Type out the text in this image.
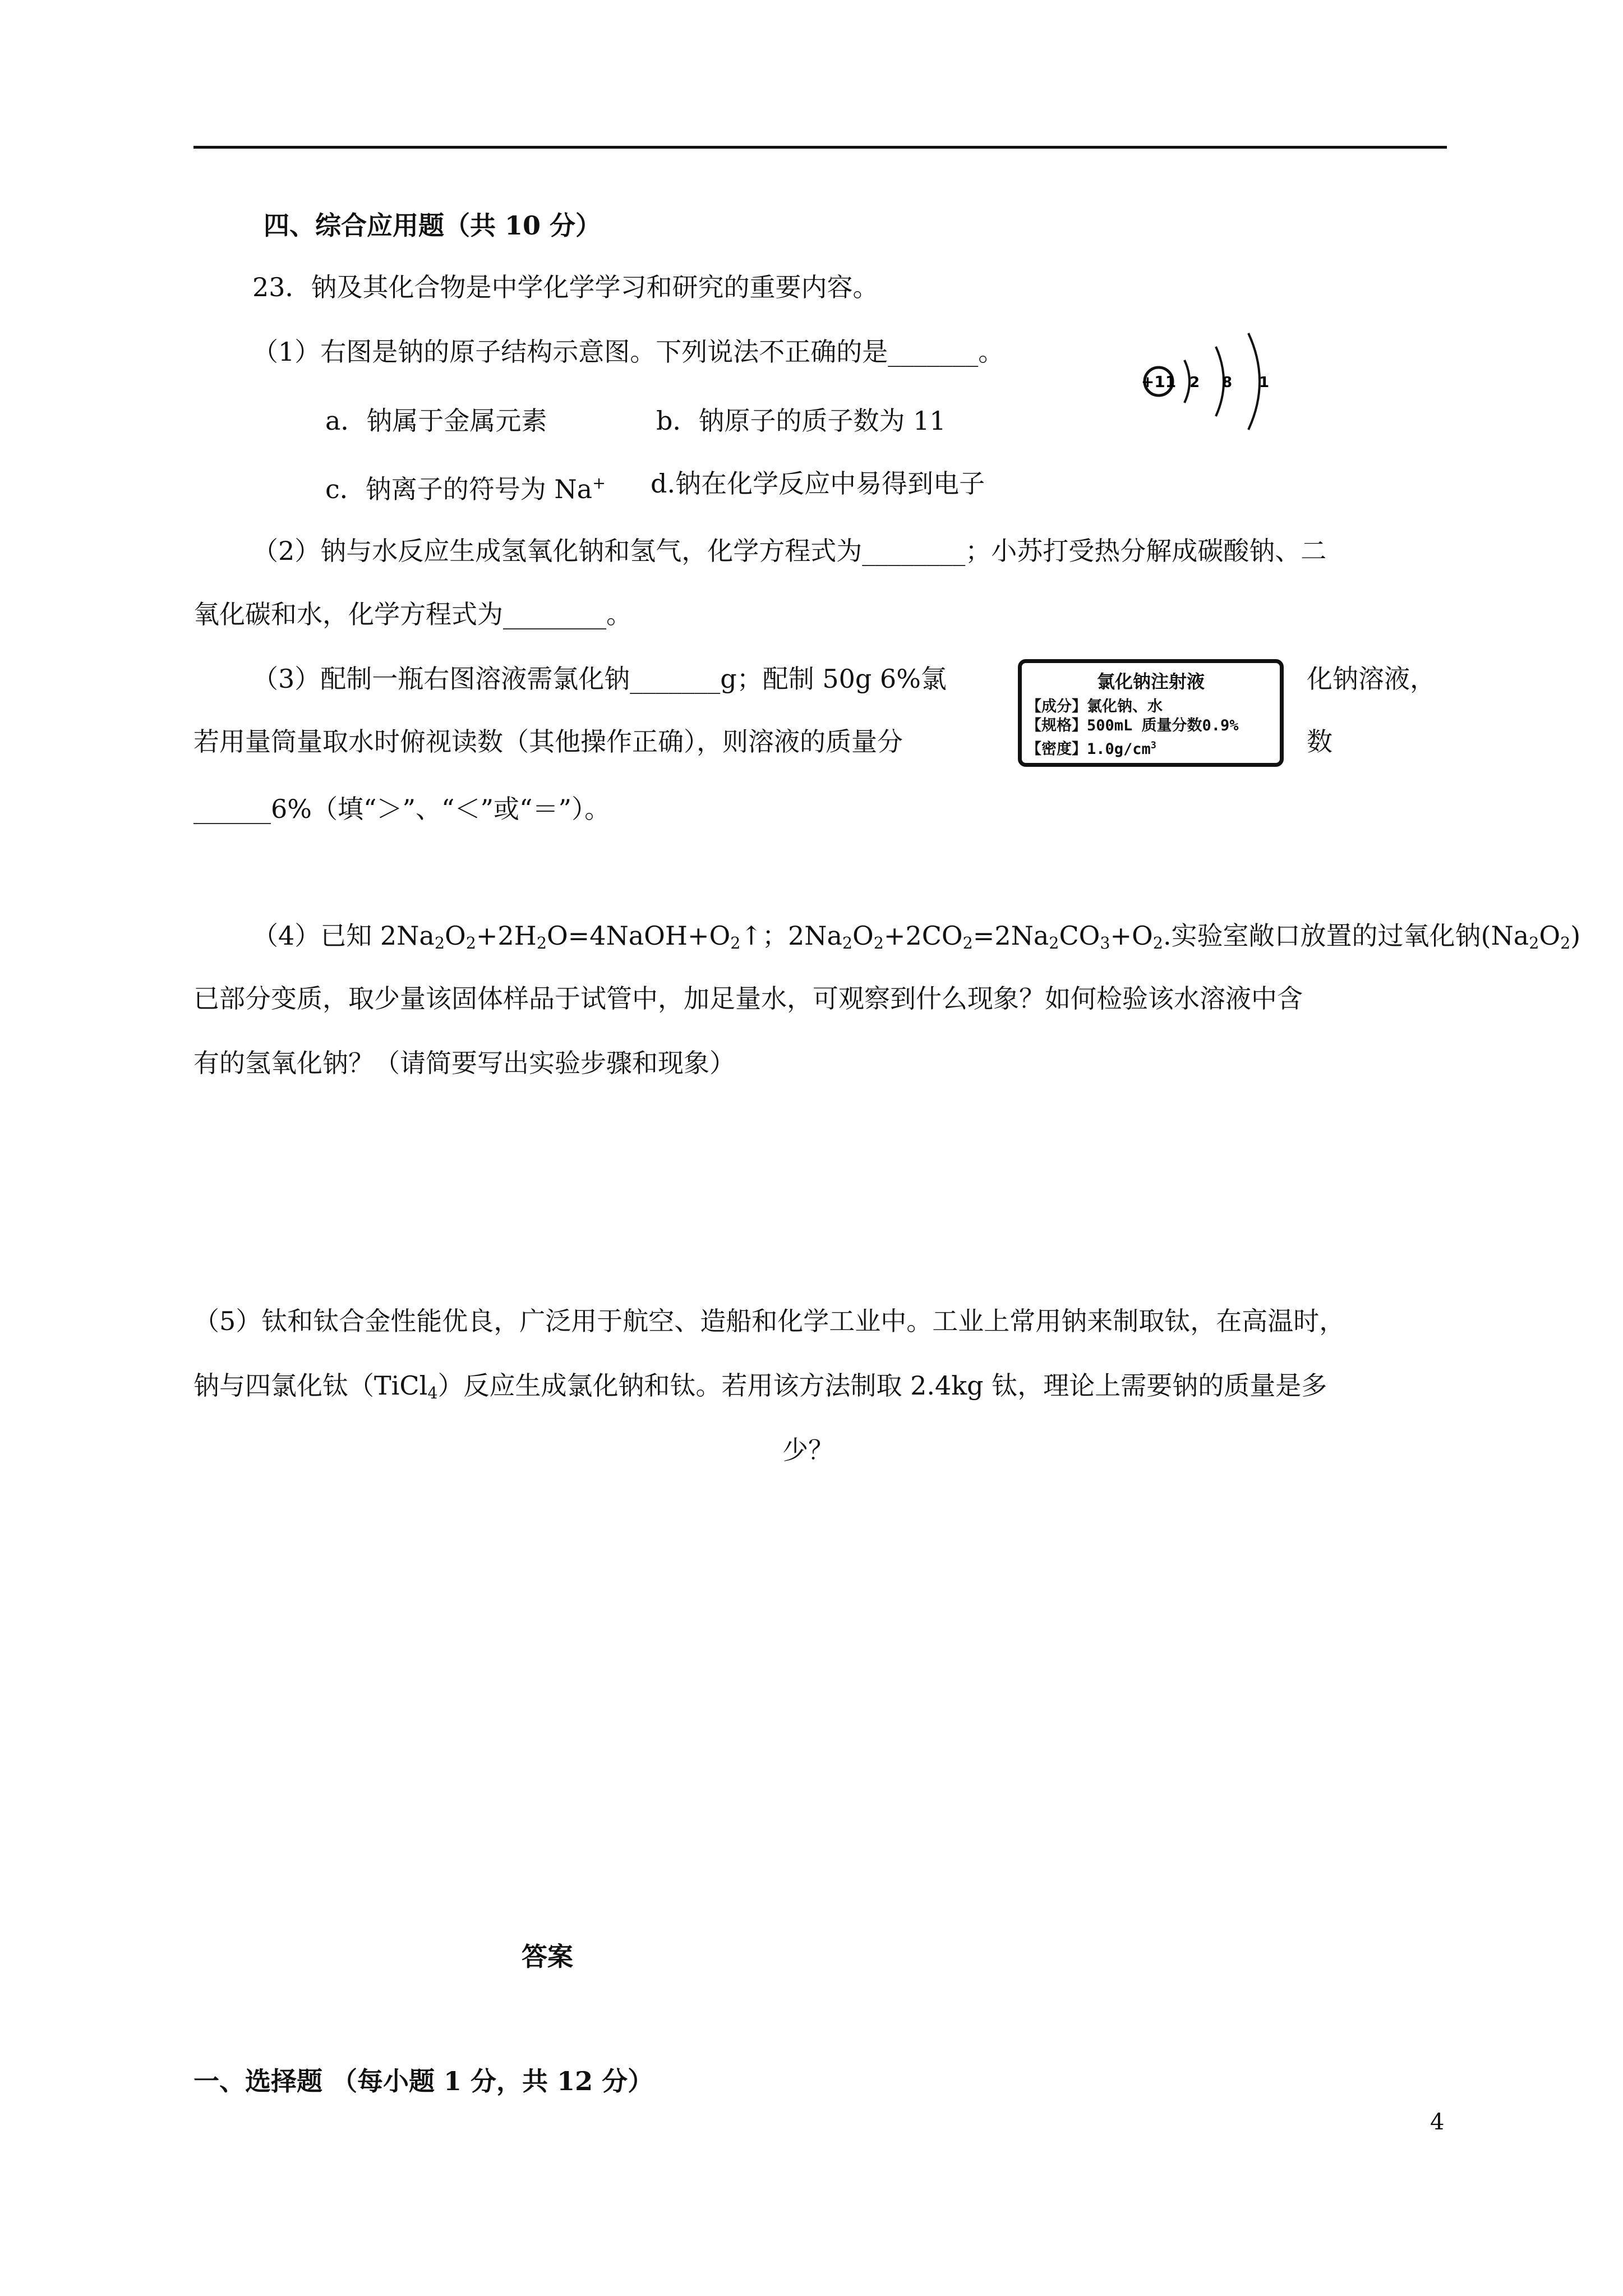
四、综合应用题（共 10 分）
23．钠及其化合物是中学化学学习和研究的重要内容。
（1）右图是钠的原子结构示意图。下列说法不正确的是_______。
+11 2 8 1
a．钠属于金属元素	b．钠原子的质子数为 11
c．钠离子的符号为 Na+ d.钠在化学反应中易得到电子
（2）钠与水反应生成氢氧化钠和氢气，化学方程式为________；小苏打受热分解成碳酸钠、二
氧化碳和水，化学方程式为________。
（3）配制一瓶右图溶液需氯化钠_______g；配制 50g 6%氯	化钠溶液，
若用量筒量取水时俯视读数（其他操作正确），则溶液的质量分	数
______6%（填“＞”、“＜”或“＝”）。
氯化钠注射液
【成分】氯化钠、水
【规格】500mL 质量分数0.9%
【密度】$1.0g/cm^3$
（4）已知 $2Na_2O_2+2H_2O=4NaOH+O_2↑$；$2Na_2O_2+2CO_2=2Na_2CO_3+O_2$.实验室敞口放置的过氧化钠$(Na_2O_2)$
已部分变质，取少量该固体样品于试管中，加足量水，可观察到什么现象？如何检验该水溶液中含
有的氢氧化钠？（请简要写出实验步骤和现象）
（5）钛和钛合金性能优良，广泛用于航空、造船和化学工业中。工业上常用钠来制取钛，在高温时，
钠与四氯化钛（TiCl$_4$）反应生成氯化钠和钛。若用该方法制取 2.4kg 钛，理论上需要钠的质量是多
少？
答案
一、选择题 （每小题 1 分，共 12 分）
4
